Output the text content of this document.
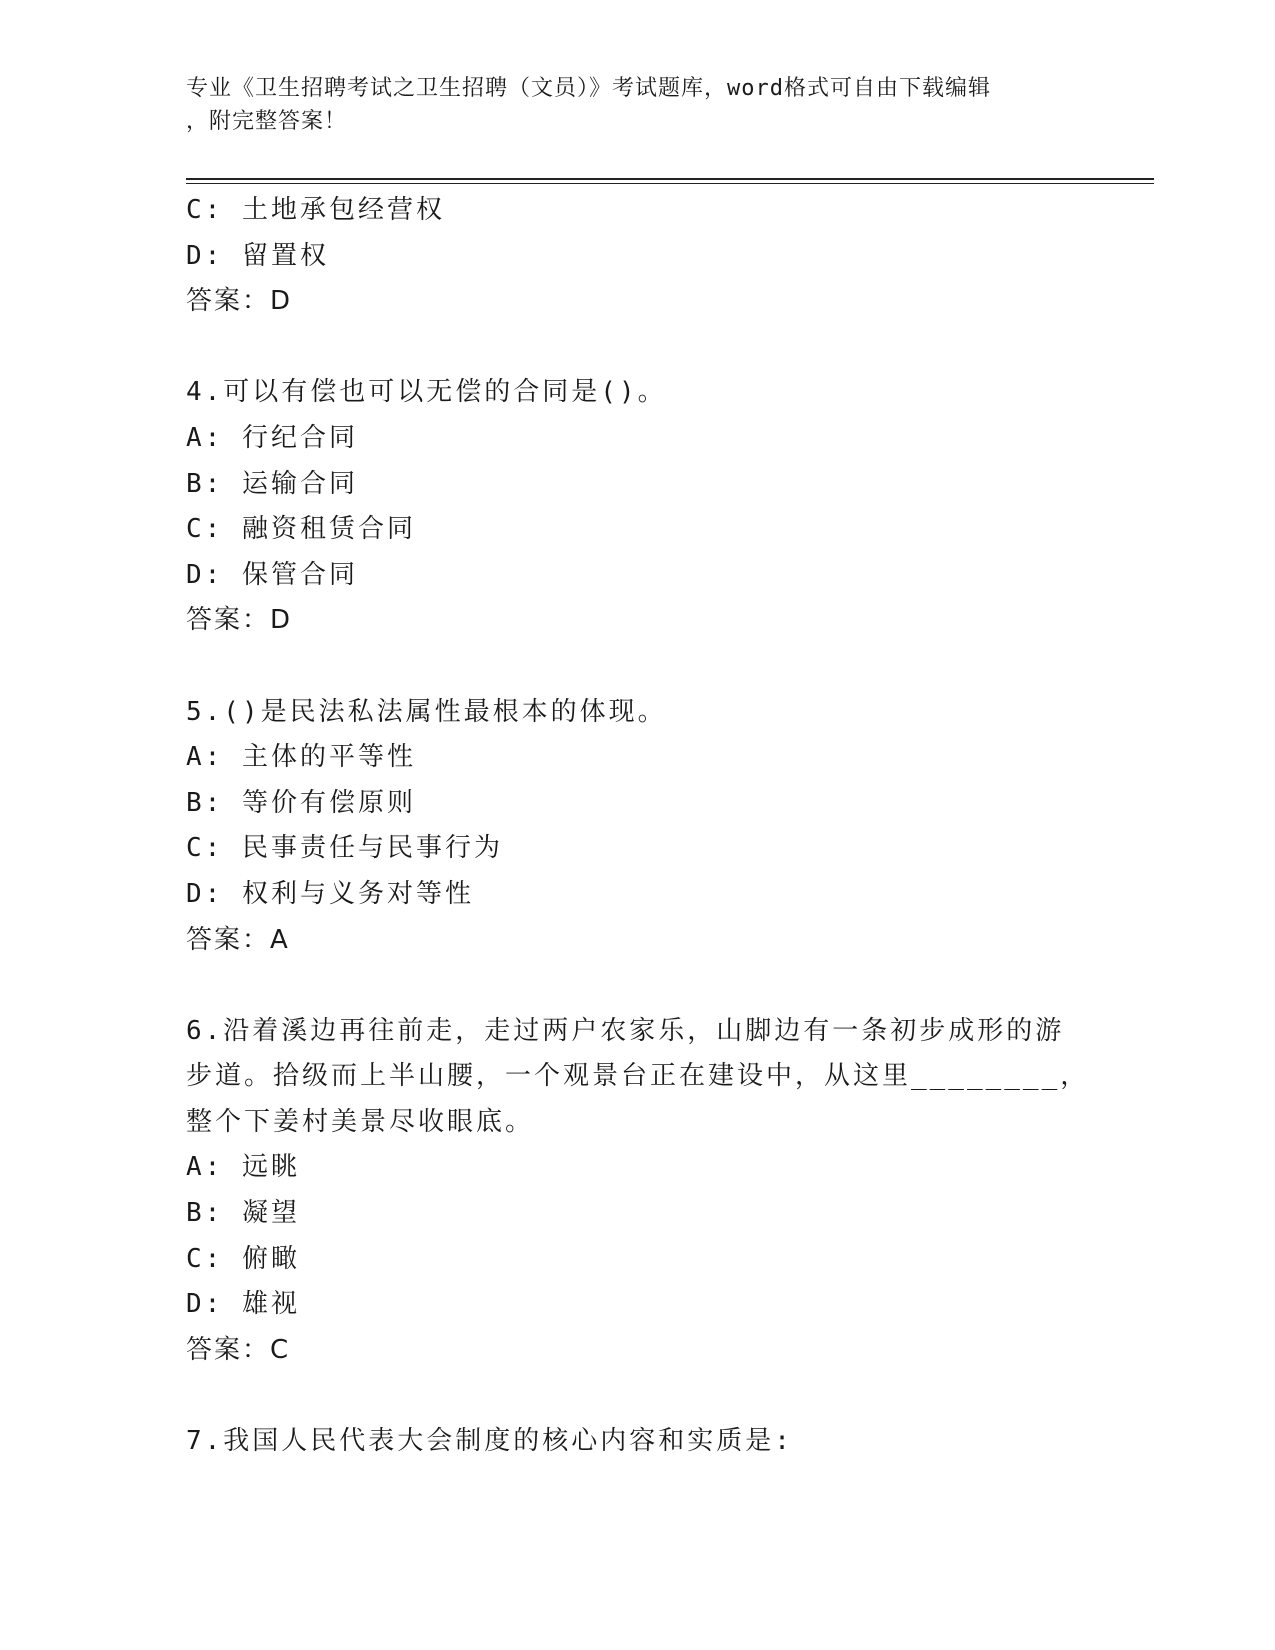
专业《卫生招聘考试之卫生招聘（文员）》考试题库，word格式可自由下载编辑
，附完整答案！
C: 土地承包经营权
D: 留置权
答案：D
4.可以有偿也可以无偿的合同是()。
A: 行纪合同
B: 运输合同
C: 融资租赁合同
D: 保管合同
答案：D
5.()是民法私法属性最根本的体现。
A: 主体的平等性
B: 等价有偿原则
C: 民事责任与民事行为
D: 权利与义务对等性
答案：A
6.沿着溪边再往前走，走过两户农家乐，山脚边有一条初步成形的游
步道。拾级而上半山腰，一个观景台正在建设中，从这里________，
整个下姜村美景尽收眼底。
A: 远眺
B: 凝望
C: 俯瞰
D: 雄视
答案：C
7.我国人民代表大会制度的核心内容和实质是:
